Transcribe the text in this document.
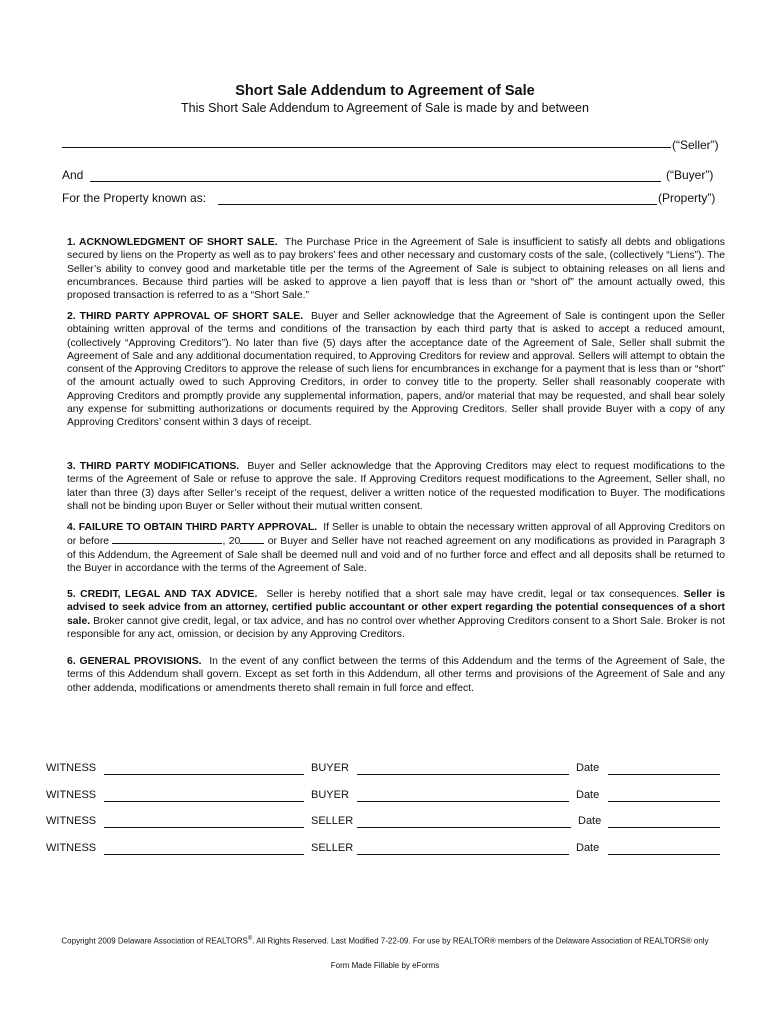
Short Sale Addendum to Agreement of Sale
This Short Sale Addendum to Agreement of Sale is made by and between
(“Seller”)
And	(“Buyer”)
For the Property known as:	(Property”)
1. ACKNOWLEDGMENT OF SHORT SALE. The Purchase Price in the Agreement of Sale is insufficient to satisfy all debts and obligations secured by liens on the Property as well as to pay brokers’ fees and other necessary and customary costs of the sale, (collectively “Liens”). The Seller’s ability to convey good and marketable title per the terms of the Agreement of Sale is subject to obtaining releases on all liens and encumbrances. Because third parties will be asked to approve a lien payoff that is less than or “short of” the amount actually owed, this proposed transaction is referred to as a “Short Sale.”
2. THIRD PARTY APPROVAL OF SHORT SALE. Buyer and Seller acknowledge that the Agreement of Sale is contingent upon the Seller obtaining written approval of the terms and conditions of the transaction by each third party that is asked to accept a reduced amount, (collectively “Approving Creditors”). No later than five (5) days after the acceptance date of the Agreement of Sale, Seller shall submit the Agreement of Sale and any additional documentation required, to Approving Creditors for review and approval. Sellers will attempt to obtain the consent of the Approving Creditors to approve the release of such liens for encumbrances in exchange for a payment that is less than or “short” of the amount actually owed to such Approving Creditors, in order to convey title to the property. Seller shall reasonably cooperate with Approving Creditors and promptly provide any supplemental information, papers, and/or material that may be requested, and shall bear solely any expense for submitting authorizations or documents required by the Approving Creditors. Seller shall provide Buyer with a copy of any Approving Creditors’ consent within 3 days of receipt.
3. THIRD PARTY MODIFICATIONS. Buyer and Seller acknowledge that the Approving Creditors may elect to request modifications to the terms of the Agreement of Sale or refuse to approve the sale. If Approving Creditors request modifications to the Agreement, Seller shall, no later than three (3) days after Seller’s receipt of the request, deliver a written notice of the requested modification to Buyer. The modifications shall not be binding upon Buyer or Seller without their mutual written consent.
4. FAILURE TO OBTAIN THIRD PARTY APPROVAL. If Seller is unable to obtain the necessary written approval of all Approving Creditors on or before	, 20	or Buyer and Seller have not reached agreement on any modifications as provided in Paragraph 3 of this Addendum, the Agreement of Sale shall be deemed null and void and of no further force and effect and all deposits shall be returned to the Buyer in accordance with the terms of the Agreement of Sale.
5. CREDIT, LEGAL AND TAX ADVICE. Seller is hereby notified that a short sale may have credit, legal or tax consequences. Seller is advised to seek advice from an attorney, certified public accountant or other expert regarding the potential consequences of a short sale. Broker cannot give credit, legal, or tax advice, and has no control over whether Approving Creditors consent to a Short Sale. Broker is not responsible for any act, omission, or decision by any Approving Creditors.
6. GENERAL PROVISIONS. In the event of any conflict between the terms of this Addendum and the terms of the Agreement of Sale, the terms of this Addendum shall govern. Except as set forth in this Addendum, all other terms and provisions of the Agreement of Sale and any other addenda, modifications or amendments thereto shall remain in full force and effect.
WITNESS	BUYER	Date
WITNESS	BUYER	Date
WITNESS	SELLER	Date
WITNESS	SELLER	Date
Copyright 2009 Delaware Association of REALTORS®. All Rights Reserved. Last Modified 7-22-09. For use by REALTOR® members of the Delaware Association of REALTORS® only
Form Made Fillable by eForms
